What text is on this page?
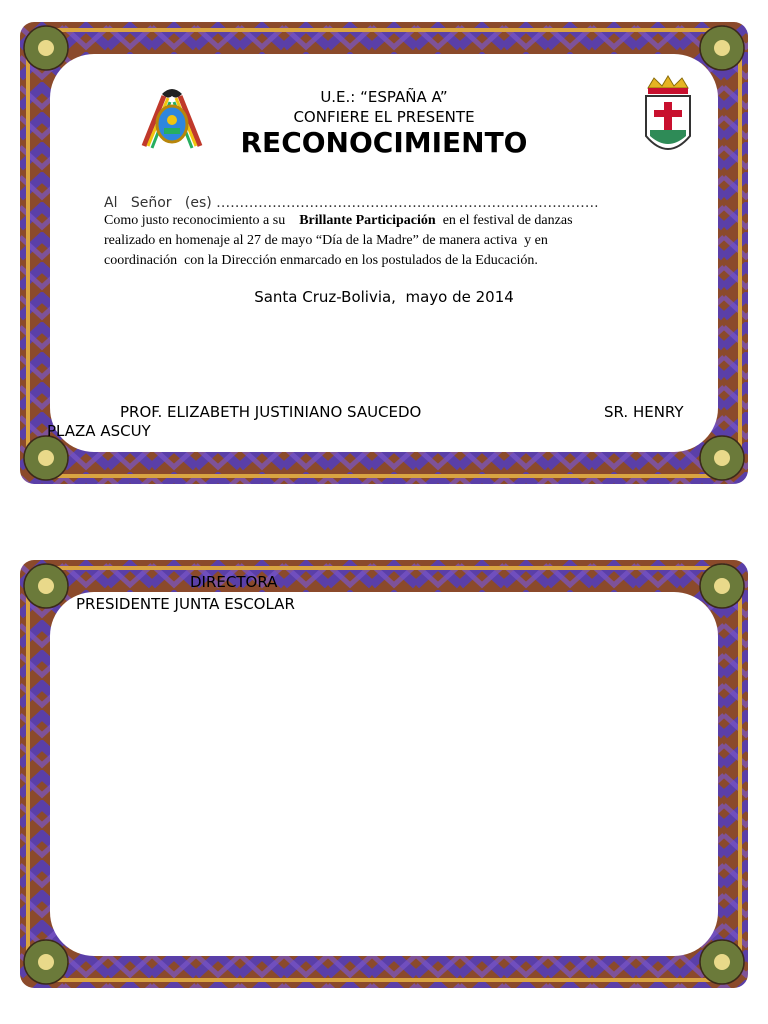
U.E.: “ESPAÑA A”
CONFIERE EL PRESENTE
RECONOCIMIENTO
Al   Señor   (es) ……………………………………………………………………….
Como justo reconocimiento a su    Brillante Participación  en el festival de danzas
realizado en homenaje al 27 de mayo “Día de la Madre” de manera activa  y en
coordinación  con la Dirección enmarcado en los postulados de la Educación.
Santa Cruz-Bolivia,  mayo de 2014
PROF. ELIZABETH JUSTINIANO SAUCEDO	SR. HENRY
PLAZA ASCUY
DIRECTORA
PRESIDENTE JUNTA ESCOLAR
